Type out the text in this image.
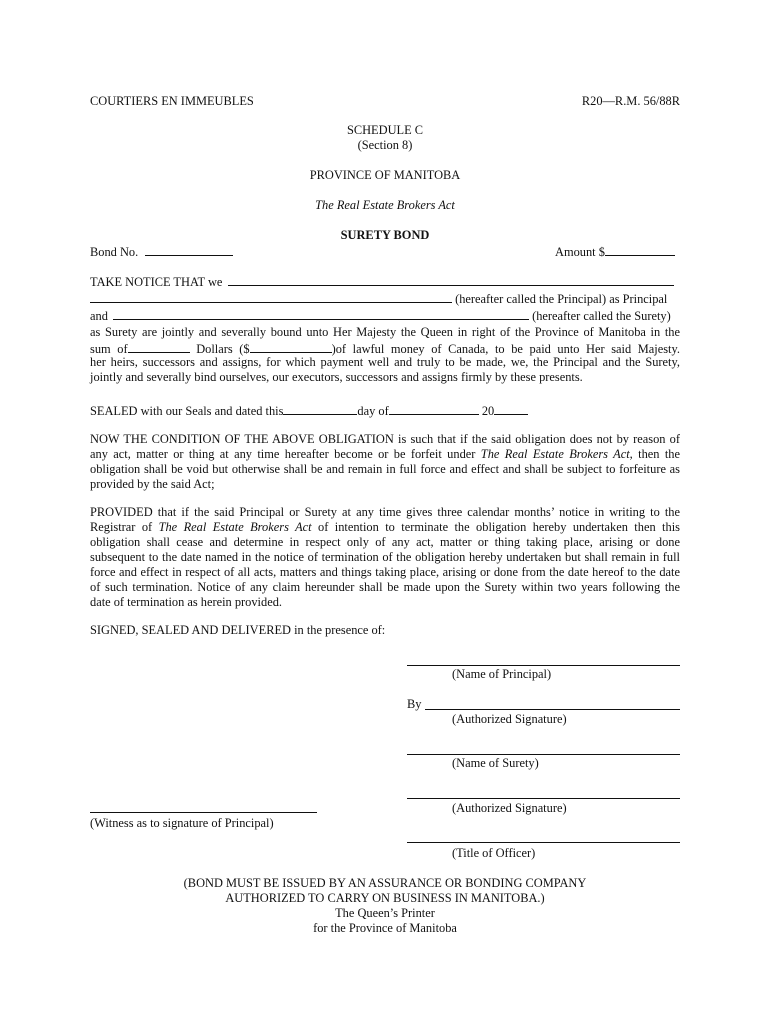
COURTIERS EN IMMEUBLES	R20—R.M. 56/88R
SCHEDULE C
(Section 8)
PROVINCE OF MANITOBA
The Real Estate Brokers Act
SURETY BOND
Bond No.	Amount $
TAKE NOTICE THAT we
(hereafter called the Principal) as Principal
and	(hereafter called the Surety)
as Surety are jointly and severally bound unto Her Majesty the Queen in right of the Province of Manitoba in the
sum of	Dollars ($	)of lawful money of Canada, to be paid unto Her said Majesty.
her heirs, successors and assigns, for which payment well and truly to be made, we, the Principal and the Surety,
jointly and severally bind ourselves, our executors, successors and assigns firmly by these presents.
SEALED with our Seals and dated this	day of	20
NOW THE CONDITION OF THE ABOVE OBLIGATION is such that if the said obligation does not by reason of
any act, matter or thing at any time hereafter become or be forfeit under The Real Estate Brokers Act, then the
obligation shall be void but otherwise shall be and remain in full force and effect and shall be subject to forfeiture as
provided by the said Act;
PROVIDED that if the said Principal or Surety at any time gives three calendar months’ notice in writing to the
Registrar of The Real Estate Brokers Act of intention to terminate the obligation hereby undertaken then this
obligation shall cease and determine in respect only of any act, matter or thing taking place, arising or done
subsequent to the date named in the notice of termination of the obligation hereby undertaken but shall remain in full
force and effect in respect of all acts, matters and things taking place, arising or done from the date hereof to the date
of such termination. Notice of any claim hereunder shall be made upon the Surety within two years following the
date of termination as herein provided.
SIGNED, SEALED AND DELIVERED in the presence of:
(Name of Principal)
By
(Authorized Signature)
(Name of Surety)
(Authorized Signature)
(Witness as to signature of Principal)
(Title of Officer)
(BOND MUST BE ISSUED BY AN ASSURANCE OR BONDING COMPANY
AUTHORIZED TO CARRY ON BUSINESS IN MANITOBA.)
The Queen’s Printer
for the Province of Manitoba
